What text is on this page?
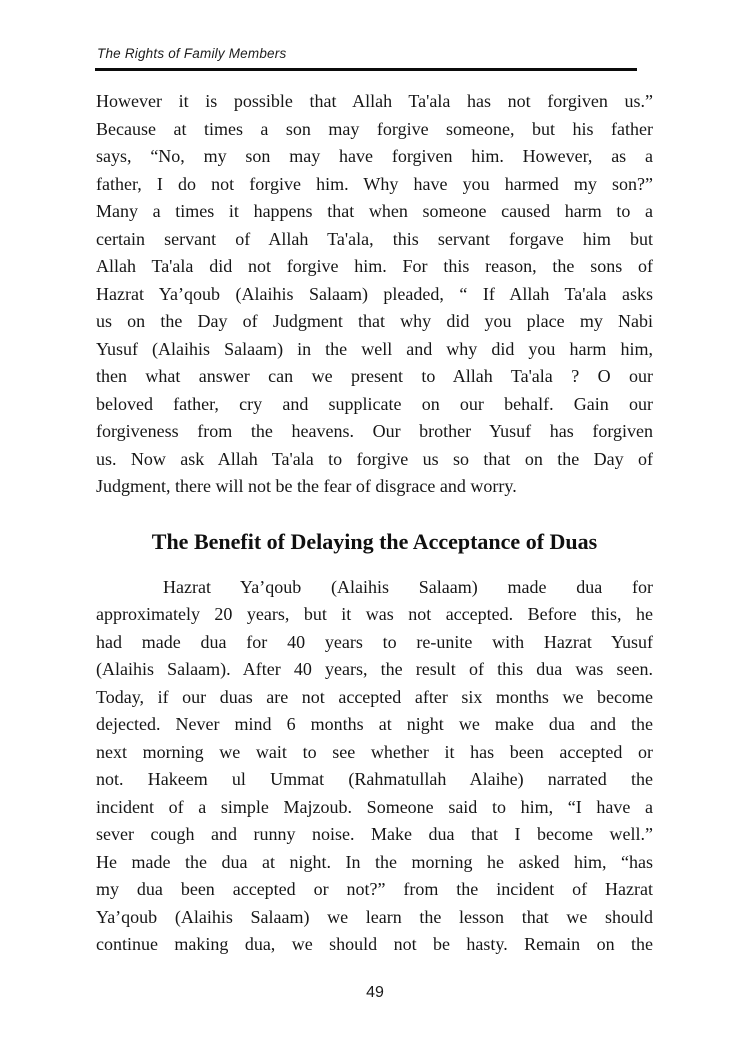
The Rights of Family Members
However it is possible that Allah Ta'ala has not forgiven us.”
Because at times a son may forgive someone, but his father
says, “No, my son may have forgiven him. However, as a
father, I do not forgive him. Why have you harmed my son?”
Many a times it happens that when someone caused harm to a
certain servant of Allah Ta'ala, this servant forgave him but
Allah Ta'ala did not forgive him. For this reason, the sons of
Hazrat Ya’qoub (Alaihis Salaam) pleaded, “ If Allah Ta'ala asks
us on the Day of Judgment that why did you place my Nabi
Yusuf (Alaihis Salaam) in the well and why did you harm him,
then what answer can we present to Allah Ta'ala ? O our
beloved father, cry and supplicate on our behalf. Gain our
forgiveness from the heavens. Our brother Yusuf has forgiven
us. Now ask Allah Ta'ala to forgive us so that on the Day of
Judgment, there will not be the fear of disgrace and worry.
The Benefit of Delaying the Acceptance of Duas
Hazrat Ya’qoub (Alaihis Salaam) made dua for
approximately 20 years, but it was not accepted. Before this, he
had made dua for 40 years to re-unite with Hazrat Yusuf
(Alaihis Salaam). After 40 years, the result of this dua was seen.
Today, if our duas are not accepted after six months we become
dejected. Never mind 6 months at night we make dua and the
next morning we wait to see whether it has been accepted or
not. Hakeem ul Ummat (Rahmatullah Alaihe) narrated the
incident of a simple Majzoub. Someone said to him, “I have a
sever cough and runny noise. Make dua that I become well.”
He made the dua at night. In the morning he asked him, “has
my dua been accepted or not?” from the incident of Hazrat
Ya’qoub (Alaihis Salaam) we learn the lesson that we should
continue making dua, we should not be hasty. Remain on the
49
